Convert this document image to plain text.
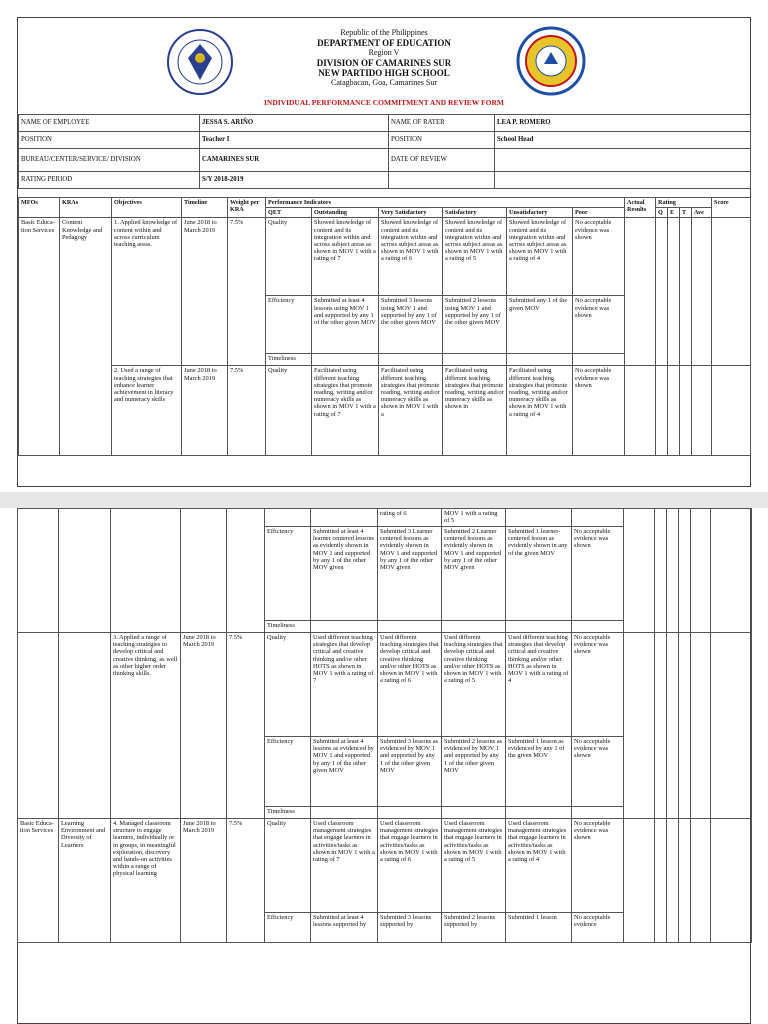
Republic of the Philippines
DEPARTMENT OF EDUCATION
Region V
DIVISION OF CAMARINES SUR
NEW PARTIDO HIGH SCHOOL
Catagbacan, Goa, Camarines Sur
INDIVIDUAL PERFORMANCE COMMITMENT AND REVIEW FORM
NAME OF EMPLOYEE	JESSA S. ARIÑO	NAME OF RATER	LEA P. ROMERO
POSITION	Teacher I	POSITION	School Head
BUREAU/CENTER/SERVICE/ DIVISION	CAMARINES SUR	DATE OF REVIEW	
RATING PERIOD	S/Y 2018-2019		
MFOs	KRAs	Objectives	Timeline	Weight per KRA	Performance Indicators						Actual Results	Rating				Score
					QET	Outstanding	Very Satisfactory	Satisfactory	Unsatisfactory	Poor		Q	E	T	Ave	
Basic Educa-tion Services	Content Knowledge and Pedagogy	1. Applied knowledge of content within and across curriculum teaching areas.	June 2018 to March 2019	7.5%	Quality	Showed knowledge of content and its integration within and across subject areas as shown in MOV 1 with a rating of 7	Showed knowledge of content and its integration within and across subject areas as shown in MOV 1 with a rating of 6	Showed knowledge of content and its integration within and across subject areas as shown in MOV 1 with a rating of 5	Showed knowledge of content and its integration within and across subject areas as shown in MOV 1 with a rating of 4	No acceptable evidence was shown						
					Efficiency	Submitted at least 4 lessons using MOV 1 and supported by any 1 of the other given MOV	Submitted 3 lessons using MOV 1 and supported by any 1 of the other given MOV	Submitted 2 lessons using MOV 1 and supported by any 1 of the other given MOV	Submitted any 1 of the given MOV	No acceptable evidence was shown						
					Timeliness											
		2. Used a range of teaching strategies that enhance learner achievement in literacy and numeracy skills	June 2018 to March 2019	7.5%	Quality	Facilitated using different teaching strategies that promote reading, writing and/or numeracy skills as shown in MOV 1 with a rating of 7	Facilitated using different teaching strategies that promote reading, writing and/or numeracy skills as shown in MOV 1 with a	Facilitated using different teaching strategies that promote reading, writing and/or numeracy skills as shown in	Facilitated using different teaching strategies that promote reading, writing and/or numeracy skills as shown in MOV 1 with a rating of 4	No acceptable evidence was shown						
							rating of 6	MOV 1 with a rating of 5								
					Efficiency	Submitted at least 4 learner centered lessons as evidently shown in MOV 1 and supported by any 1 of the other MOV given	Submitted 3 Learner centered lessons as evidently shown in MOV 1 and supported by any 1 of the other MOV given	Submitted 2 Learner centered lessons as evidently shown in MOV 1 and supported by any 1 of the other MOV given	Submitted 1 learner-centered lesson as evidently shown in any of the given MOV	No acceptable evidence was shown						
					Timeliness											
		3. Applied a range of teaching strategies to develop critical and creative thinking, as well as other higher order thinking skills.	June 2018 to March 2019	7.5%	Quality	Used different teaching strategies that develop critical and creative thinking and/or other HOTS as shown in MOV 1 with a rating of 7	Used different teaching strategies that develop critical and creative thinking and/or other HOTS as shown in MOV 1 with a rating of 6	Used different teaching strategies that develop critical and creative thinking and/or other HOTS as shown in MOV 1 with a rating of 5	Used different teaching strategies that develop critical and creative thinking and/or other HOTS as shown in MOV 1 with a rating of 4	No acceptable evidence was shown						
					Efficiency	Submitted at least 4 lessons as evidenced by MOV 1 and supported by any 1 of the other given MOV	Submitted 3 lessons as evidenced by MOV 1 and supported by any 1 of the other given MOV	Submitted 2 lessons as evidenced by MOV 1 and supported by any 1 of the other given MOV	Submitted 1 lesson as evidenced by any 1 of the given MOV	No acceptable evidence was shown						
					Timeliness											
Basic Educa-tion Services	Learning Environment and Diversity of Learners	4. Managed classroom structure to engage learners, individually or in groups, in meaningful exploration, discovery and hands-on activities within a range of physical learning	June 2018 to March 2019	7.5%	Quality	Used classroom management strategies that engage learners in activities/tasks as shown in MOV 1 with a rating of 7	Used classroom management strategies that engage learners in activities/tasks as shown in MOV 1 with a rating of 6	Used classroom management strategies that engage learners in activities/tasks as shown in MOV 1 with a rating of 5	Used classroom management strategies that engage learners in activities/tasks as shown in MOV 1 with a rating of 4	No acceptable evidence was shown						
					Efficiency	Submitted at least 4 lessons supported by	Submitted 3 lessons supported by	Submitted 2 lessons supported by	Submitted 1 lesson	No acceptable evidence						
